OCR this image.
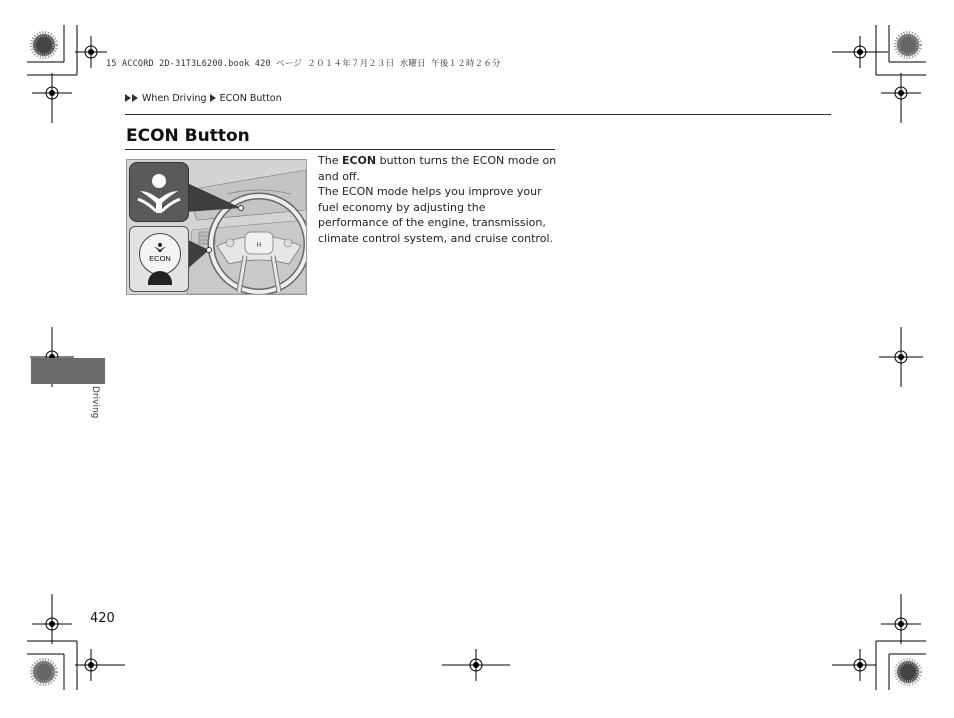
15 ACCORD 2D-31T3L6200.book 420 ページ ２０１４年７月２３日 水曜日 午後１２時２６分
When Driving ECON Button
ECON Button
H
ECON

The ECON button turns the ECON mode on and off.

The ECON mode helps you improve your fuel economy by adjusting the performance of the engine, transmission, climate control system, and cruise control.

Driving
420
